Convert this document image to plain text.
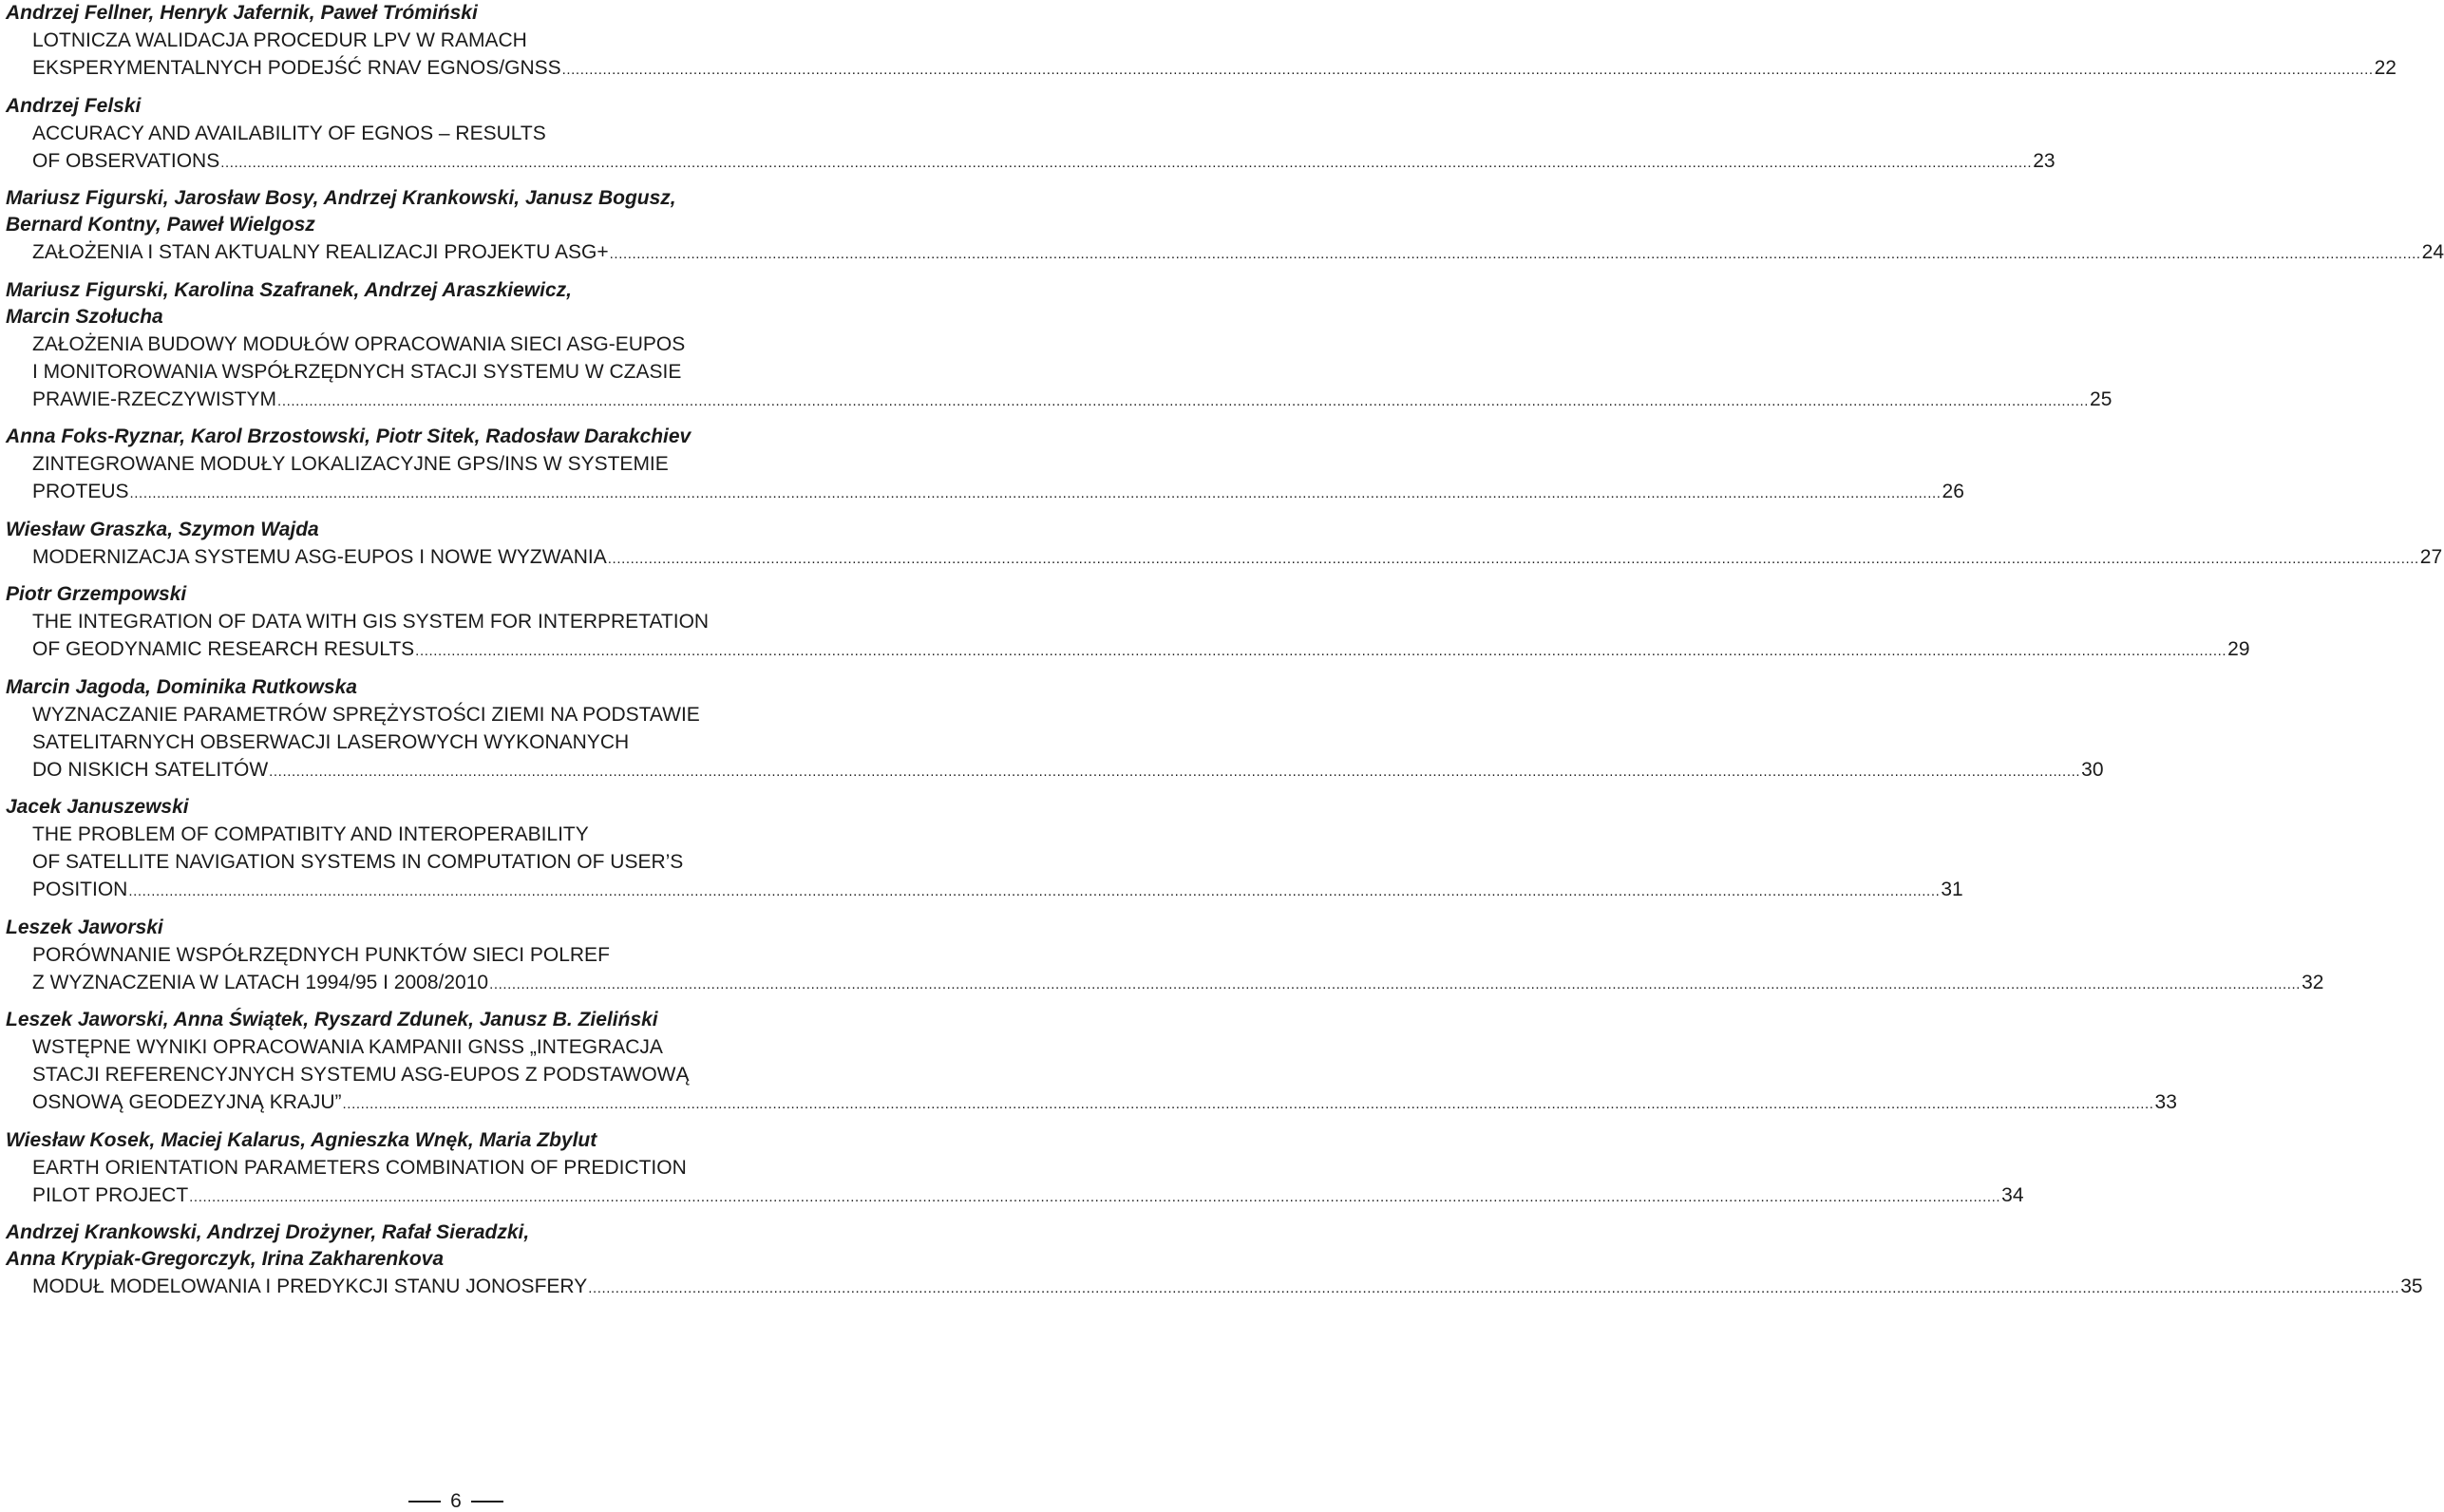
Andrzej Fellner, Henryk Jafernik, Paweł Trómiński
LOTNICZA WALIDACJA PROCEDUR LPV W RAMACH
EKSPERYMENTALNYCH PODEJŚĆ RNAV EGNOS/GNSS ................................................................................................................................................................................................................................................................................................................................................................................................................ 22
Andrzej Felski
ACCURACY AND AVAILABILITY OF EGNOS – RESULTS
OF OBSERVATIONS ................................................................................................................................................................................................................................................................................................................................................................................................................ 23
Mariusz Figurski, Jarosław Bosy, Andrzej Krankowski, Janusz Bogusz,
Bernard Kontny, Paweł Wielgosz
ZAŁOŻENIA I STAN AKTUALNY REALIZACJI PROJEKTU ASG+ ................................................................................................................................................................................................................................................................................................................................................................................................................ 24
Mariusz Figurski, Karolina Szafranek, Andrzej Araszkiewicz,
Marcin Szołucha
ZAŁOŻENIA BUDOWY MODUŁÓW OPRACOWANIA SIECI ASG-EUPOS
I MONITOROWANIA WSPÓŁRZĘDNYCH STACJI SYSTEMU W CZASIE
PRAWIE-RZECZYWISTYM ................................................................................................................................................................................................................................................................................................................................................................................................................ 25
Anna Foks-Ryznar, Karol Brzostowski, Piotr Sitek, Radosław Darakchiev
ZINTEGROWANE MODUŁY LOKALIZACYJNE GPS/INS W SYSTEMIE
PROTEUS ................................................................................................................................................................................................................................................................................................................................................................................................................ 26
Wiesław Graszka, Szymon Wajda
MODERNIZACJA SYSTEMU ASG-EUPOS I NOWE WYZWANIA ................................................................................................................................................................................................................................................................................................................................................................................................................ 27
Piotr Grzempowski
THE INTEGRATION OF DATA WITH GIS SYSTEM FOR INTERPRETATION
OF GEODYNAMIC RESEARCH RESULTS ................................................................................................................................................................................................................................................................................................................................................................................................................ 29
Marcin Jagoda, Dominika Rutkowska
WYZNACZANIE PARAMETRÓW SPRĘŻYSTOŚCI ZIEMI NA PODSTAWIE
SATELITARNYCH OBSERWACJI LASEROWYCH WYKONANYCH
DO NISKICH SATELITÓW ................................................................................................................................................................................................................................................................................................................................................................................................................ 30
Jacek Januszewski
THE PROBLEM OF COMPATIBITY AND INTEROPERABILITY
OF SATELLITE NAVIGATION SYSTEMS IN COMPUTATION OF USER’S
POSITION ................................................................................................................................................................................................................................................................................................................................................................................................................ 31
Leszek Jaworski
PORÓWNANIE WSPÓŁRZĘDNYCH PUNKTÓW SIECI POLREF
Z WYZNACZENIA W LATACH 1994/95 I 2008/2010 ................................................................................................................................................................................................................................................................................................................................................................................................................ 32
Leszek Jaworski, Anna Świątek, Ryszard Zdunek, Janusz B. Zieliński
WSTĘPNE WYNIKI OPRACOWANIA KAMPANII GNSS „INTEGRACJA
STACJI REFERENCYJNYCH SYSTEMU ASG-EUPOS Z PODSTAWOWĄ
OSNOWĄ GEODEZYJNĄ KRAJU” ................................................................................................................................................................................................................................................................................................................................................................................................................ 33
Wiesław Kosek, Maciej Kalarus, Agnieszka Wnęk, Maria Zbylut
EARTH ORIENTATION PARAMETERS COMBINATION OF PREDICTION
PILOT PROJECT ................................................................................................................................................................................................................................................................................................................................................................................................................ 34
Andrzej Krankowski, Andrzej Drożyner, Rafał Sieradzki,
Anna Krypiak-Gregorczyk, Irina Zakharenkova
MODUŁ MODELOWANIA I PREDYKCJI STANU JONOSFERY ................................................................................................................................................................................................................................................................................................................................................................................................................ 35
6
